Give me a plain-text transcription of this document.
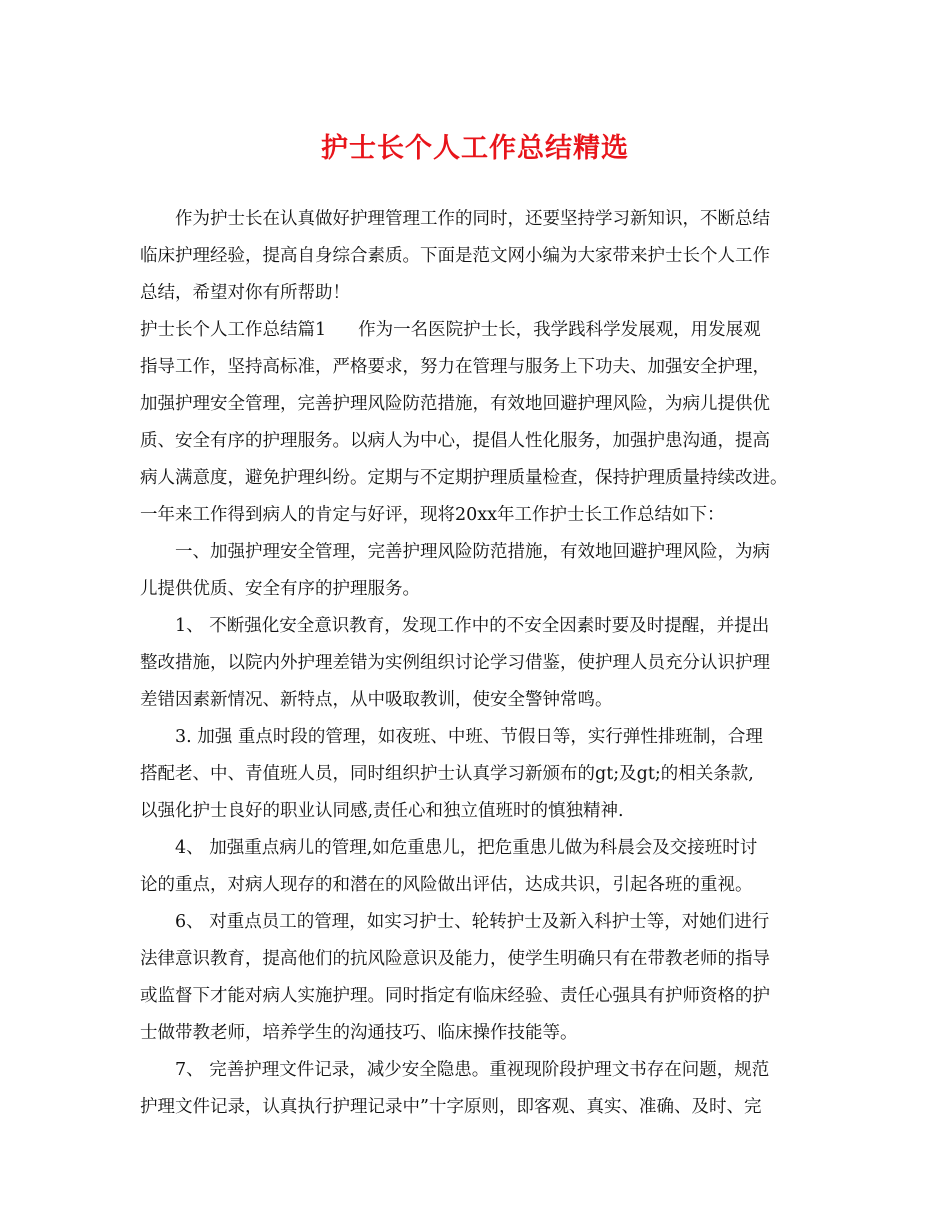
护士长个人工作总结精选
作为护士长在认真做好护理管理工作的同时，还要坚持学习新知识，不断总结
临床护理经验，提高自身综合素质。下面是范文网小编为大家带来护士长个人工作
总结，希望对你有所帮助！
护士长个人工作总结篇1 作为一名医院护士长，我学践科学发展观，用发展观
指导工作，坚持高标准，严格要求，努力在管理与服务上下功夫、加强安全护理，
加强护理安全管理，完善护理风险防范措施，有效地回避护理风险，为病儿提供优
质、安全有序的护理服务。以病人为中心，提倡人性化服务，加强护患沟通，提高
病人满意度，避免护理纠纷。定期与不定期护理质量检查，保持护理质量持续改进。
一年来工作得到病人的肯定与好评，现将20xx年工作护士长工作总结如下：
一、加强护理安全管理，完善护理风险防范措施，有效地回避护理风险，为病
儿提供优质、安全有序的护理服务。
1、 不断强化安全意识教育，发现工作中的不安全因素时要及时提醒，并提出
整改措施，以院内外护理差错为实例组织讨论学习借鉴，使护理人员充分认识护理
差错因素新情况、新特点，从中吸取教训，使安全警钟常鸣。
3. 加强 重点时段的管理，如夜班、中班、节假日等，实行弹性排班制，合理
搭配老、中、青值班人员，同时组织护士认真学习新颁布的gt;及gt;的相关条款,
以强化护士良好的职业认同感,责任心和独立值班时的慎独精神.
4、 加强重点病儿的管理,如危重患儿，把危重患儿做为科晨会及交接班时讨
论的重点，对病人现存的和潜在的风险做出评估，达成共识，引起各班的重视。
6、 对重点员工的管理，如实习护士、轮转护士及新入科护士等，对她们进行
法律意识教育，提高他们的抗风险意识及能力，使学生明确只有在带教老师的指导
或监督下才能对病人实施护理。同时指定有临床经验、责任心强具有护师资格的护
士做带教老师，培养学生的沟通技巧、临床操作技能等。
7、 完善护理文件记录，减少安全隐患。重视现阶段护理文书存在问题，规范
护理文件记录，认真执行护理记录中”十字原则，即客观、真实、准确、及时、完
